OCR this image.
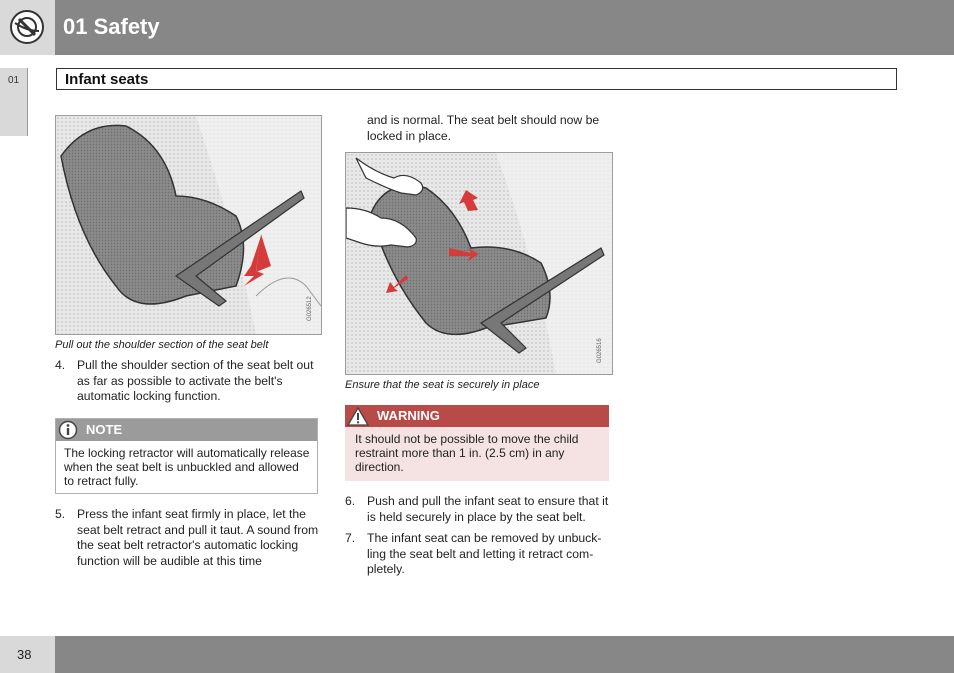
01 Safety
01	Infant seats
G026512
Pull out the shoulder section of the seat belt
4. Pull the shoulder section of the seat belt out as far as possible to activate the belt's automatic locking function.
NOTE
The locking retractor will automatically release when the seat belt is unbuckled and allowed to retract fully.
5. Press the infant seat firmly in place, let the seat belt retract and pull it taut. A sound from the seat belt retractor's automatic locking function will be audible at this time
and is normal. The seat belt should now be locked in place.
G026516
Ensure that the seat is securely in place
WARNING
It should not be possible to move the child restraint more than 1 in. (2.5 cm) in any direction.
6. Push and pull the infant seat to ensure that it is held securely in place by the seat belt.
7. The infant seat can be removed by unbuck-ling the seat belt and letting it retract com-pletely.
38
